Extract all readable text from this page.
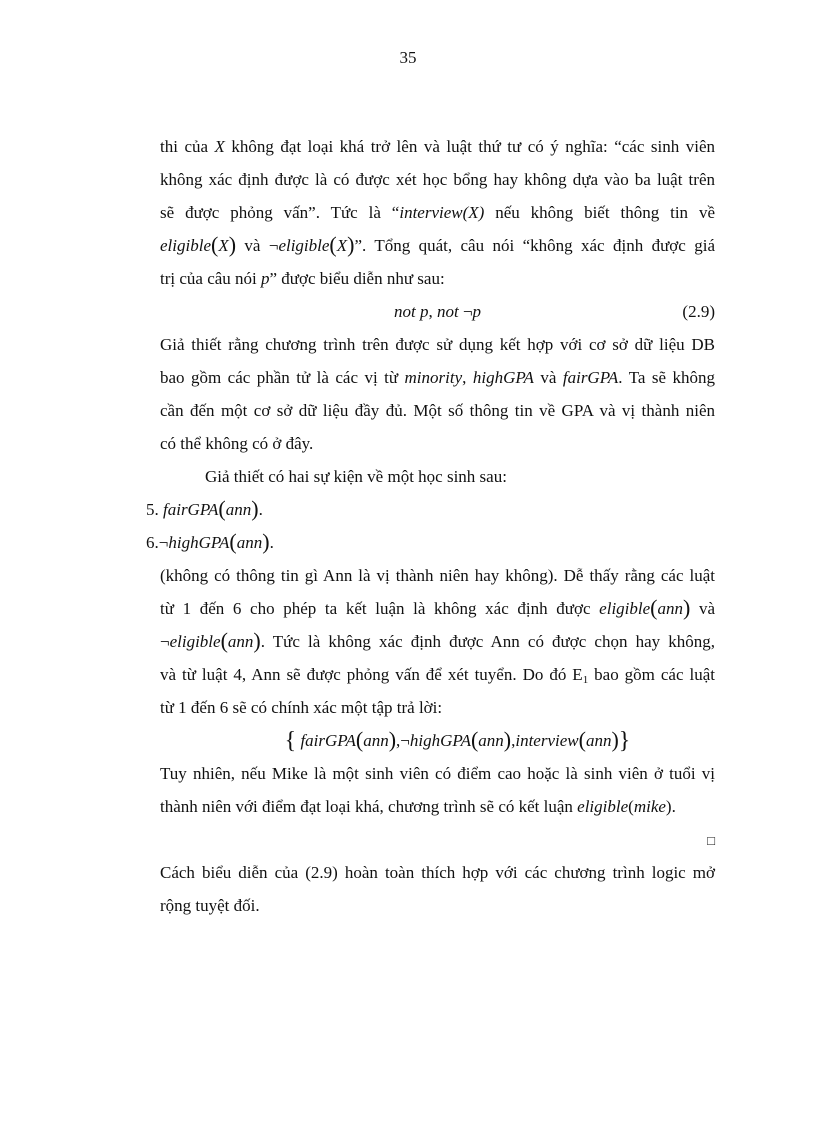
35
thi của X không đạt loại khá trở lên và luật thứ tư có ý nghĩa: “các sinh viên
không xác định được là có được xét học bổng hay không dựa vào ba luật trên
sẽ được phỏng vấn”. Tức là “interview(X) nếu không biết thông tin về
eligible(X) và ¬eligible(X)”. Tổng quát, câu nói “không xác định được giá
trị của câu nói p” được biểu diễn như sau:
not p, not ¬p	(2.9)
Giả thiết rằng chương trình trên được sử dụng kết hợp với cơ sở dữ liệu DB
bao gồm các phần tử là các vị từ minority, highGPA và fairGPA. Ta sẽ không
cần đến một cơ sở dữ liệu đầy đủ. Một số thông tin về GPA và vị thành niên
có thể không có ở đây.
Giả thiết có hai sự kiện về một học sinh sau:
5. fairGPA(ann).
6.¬highGPA(ann).
(không có thông tin gì Ann là vị thành niên hay không). Dễ thấy rằng các luật
từ 1 đến 6 cho phép ta kết luận là không xác định được eligible(ann) và
¬eligible(ann). Tức là không xác định được Ann có được chọn hay không,
và từ luật 4, Ann sẽ được phỏng vấn để xét tuyển. Do đó $E_1$ bao gồm các luật
từ 1 đến 6 sẽ có chính xác một tập trả lời:
{ fairGPA(ann),¬highGPA(ann),interview(ann)}
Tuy nhiên, nếu Mike là một sinh viên có điểm cao hoặc là sinh viên ở tuổi vị
thành niên với điểm đạt loại khá, chương trình sẽ có kết luận eligible(mike).
□
Cách biểu diễn của (2.9) hoàn toàn thích hợp với các chương trình logic mở
rộng tuyệt đối.
